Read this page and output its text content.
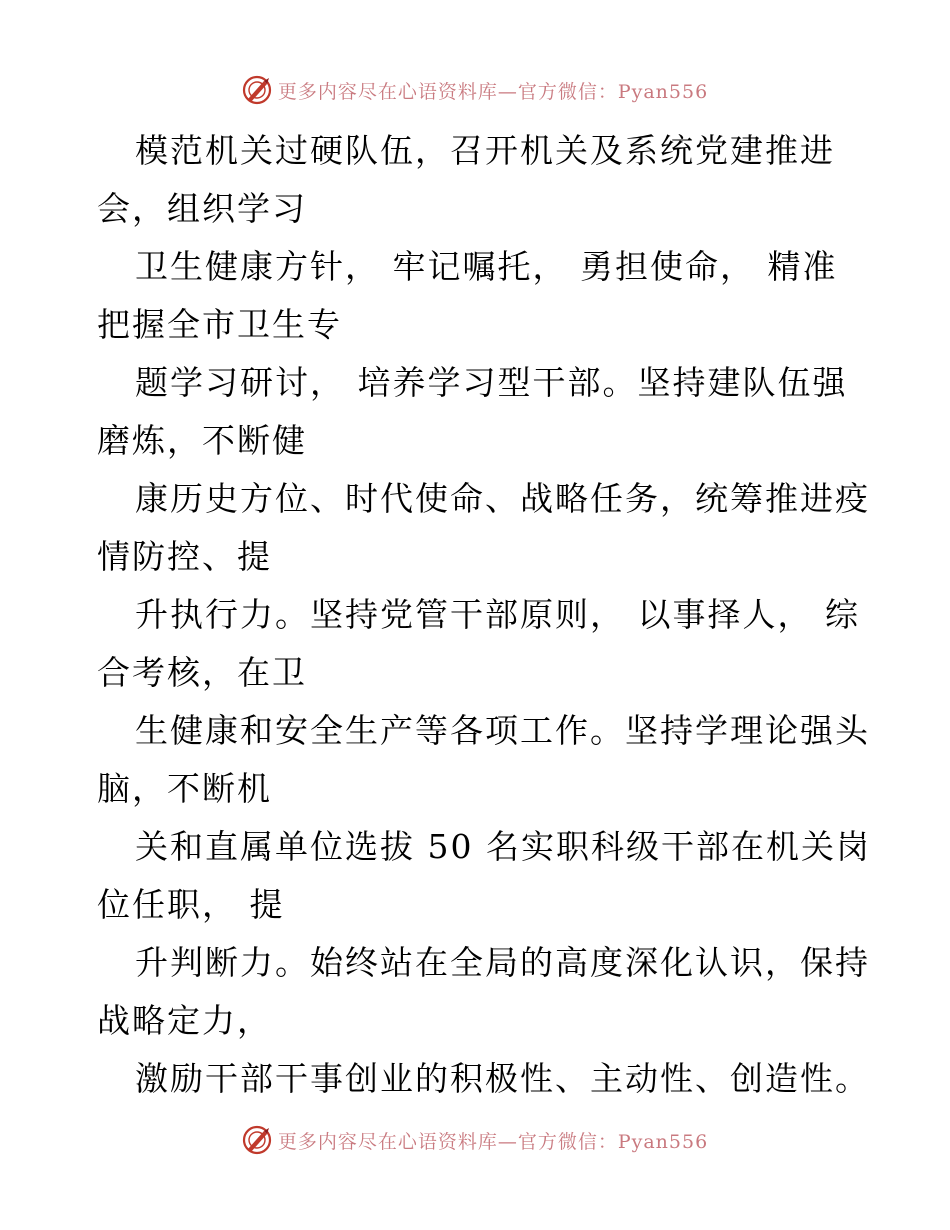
更多内容尽在心语资料库—官方微信：Pyan556
模范机关过硬队伍，召开机关及系统党建推进
会，组织学习
卫生健康方针， 牢记嘱托， 勇担使命， 精准
把握全市卫生专
题学习研讨， 培养学习型干部。坚持建队伍强
磨炼，不断健
康历史方位、时代使命、战略任务，统筹推进疫
情防控、提
升执行力。坚持党管干部原则， 以事择人， 综
合考核，在卫
生健康和安全生产等各项工作。坚持学理论强头
脑，不断机
关和直属单位选拔 50 名实职科级干部在机关岗
位任职， 提
升判断力。始终站在全局的高度深化认识，保持
战略定力，
激励干部干事创业的积极性、主动性、创造性。
更多内容尽在心语资料库—官方微信：Pyan556
